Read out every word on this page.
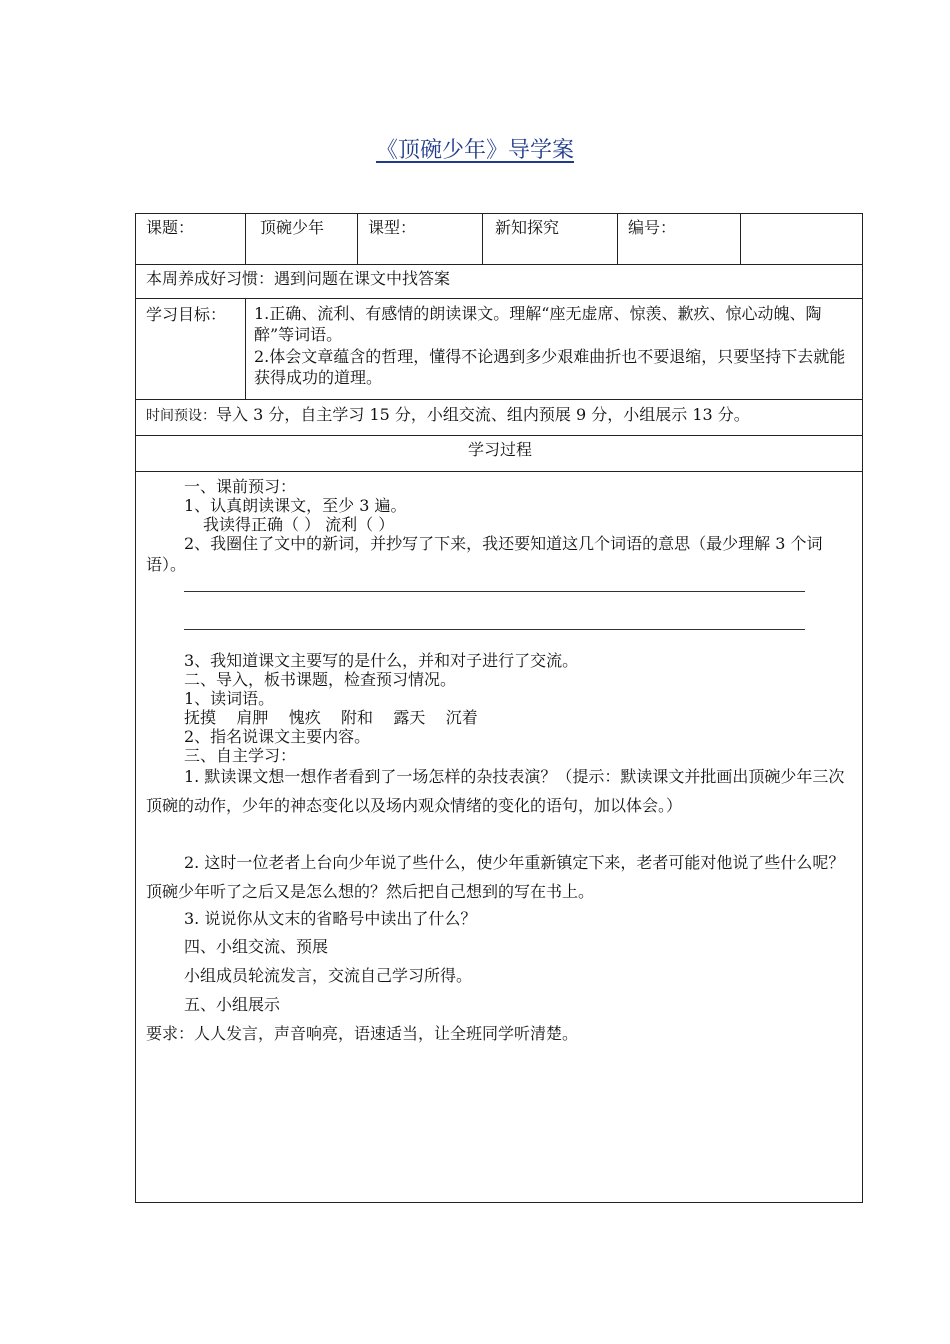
《顶碗少年》导学案
课题：	顶碗少年	课型：	新知探究	编号：
本周养成好习惯：遇到问题在课文中找答案
学习目标： 1.正确、流利、有感情的朗读课文。理解“座无虚席、惊羡、歉疚、惊心动魄、陶醉”等词语。
2.体会文章蕴含的哲理，懂得不论遇到多少艰难曲折也不要退缩，只要坚持下去就能获得成功的道理。
时间预设：导入 3 分，自主学习 15 分，小组交流、组内预展 9 分，小组展示 13 分。
学习过程
一、课前预习：
1、认真朗读课文，至少 3 遍。
我读得正确（ ） 流利（ ）
2、我圈住了文中的新词，并抄写了下来，我还要知道这几个词语的意思（最少理解 3 个词语）。
3、我知道课文主要写的是什么，并和对子进行了交流。
二、导入，板书课题，检查预习情况。
1、读词语。
抚摸    肩胛    愧疚    附和    露天    沉着
2、指名说课文主要内容。
三、自主学习：
1. 默读课文想一想作者看到了一场怎样的杂技表演？（提示：默读课文并批画出顶碗少年三次顶碗的动作，少年的神态变化以及场内观众情绪的变化的语句，加以体会。）
2. 这时一位老者上台向少年说了些什么，使少年重新镇定下来，老者可能对他说了些什么呢？顶碗少年听了之后又是怎么想的？然后把自己想到的写在书上。
3. 说说你从文末的省略号中读出了什么？
四、小组交流、预展
小组成员轮流发言，交流自己学习所得。
五、小组展示
要求：人人发言，声音响亮，语速适当，让全班同学听清楚。
